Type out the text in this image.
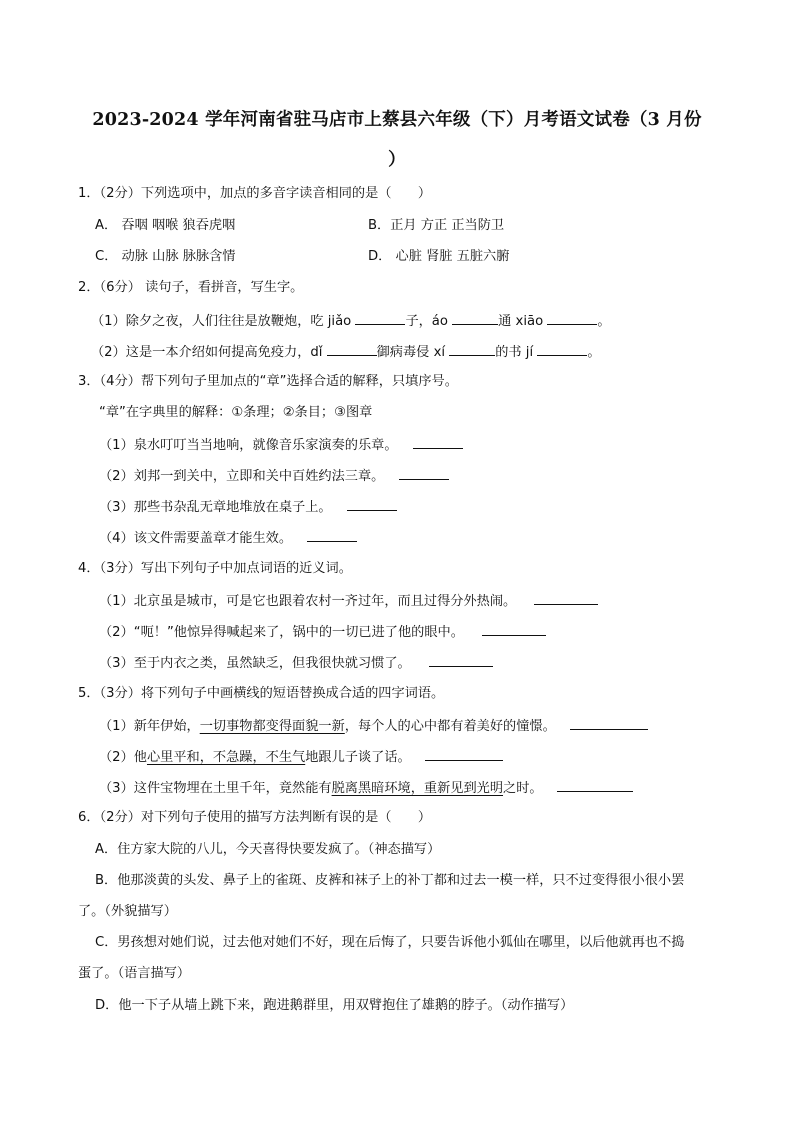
2023-2024 学年河南省驻马店市上蔡县六年级（下）月考语文试卷（3 月份
）
1．（2分）下列选项中，加点的多音字读音相同的是（　　）
A． 吞咽 咽喉 狼吞虎咽	B．正月 方正 正当防卫
C． 动脉 山脉 脉脉含情	D． 心脏 肾脏 五脏六腑
2．（6分） 读句子，看拼音，写生字。
（1）除夕之夜，人们往往是放鞭炮，吃 jiǎo	子，áo	通 xiāo	。
（2）这是一本介绍如何提高免疫力，dǐ	御病毒侵 xí	的书 jí	。
3．（4分）帮下列句子里加点的“章”选择合适的解释，只填序号。
“章”在字典里的解释：①条理；②条目；③图章
（1）泉水叮叮当当地响，就像音乐家演奏的乐章。
（2）刘邦一到关中，立即和关中百姓约法三章。
（3）那些书杂乱无章地堆放在桌子上。
（4）该文件需要盖章才能生效。
4．（3分）写出下列句子中加点词语的近义词。
（1）北京虽是城市，可是它也跟着农村一齐过年，而且过得分外热闹。
（2）“呃！”他惊异得喊起来了，锅中的一切已进了他的眼中。
（3）至于内衣之类，虽然缺乏，但我很快就习惯了。
5．（3分）将下列句子中画横线的短语替换成合适的四字词语。
（1）新年伊始，一切事物都变得面貌一新，每个人的心中都有着美好的憧憬。
（2）他心里平和，不急躁，不生气地跟儿子谈了话。
（3）这件宝物埋在土里千年，竟然能有脱离黑暗环境，重新见到光明之时。
6．（2分）对下列句子使用的描写方法判断有误的是（　　）
A．住方家大院的八儿，今天喜得快要发疯了。（神态描写）
B．他那淡黄的头发、鼻子上的雀斑、皮裤和袜子上的补丁都和过去一模一样，只不过变得很小很小罢
了。（外貌描写）
C．男孩想对她们说，过去他对她们不好，现在后悔了，只要告诉他小狐仙在哪里，以后他就再也不捣
蛋了。（语言描写）
D．他一下子从墙上跳下来，跑进鹅群里，用双臂抱住了雄鹅的脖子。（动作描写）
